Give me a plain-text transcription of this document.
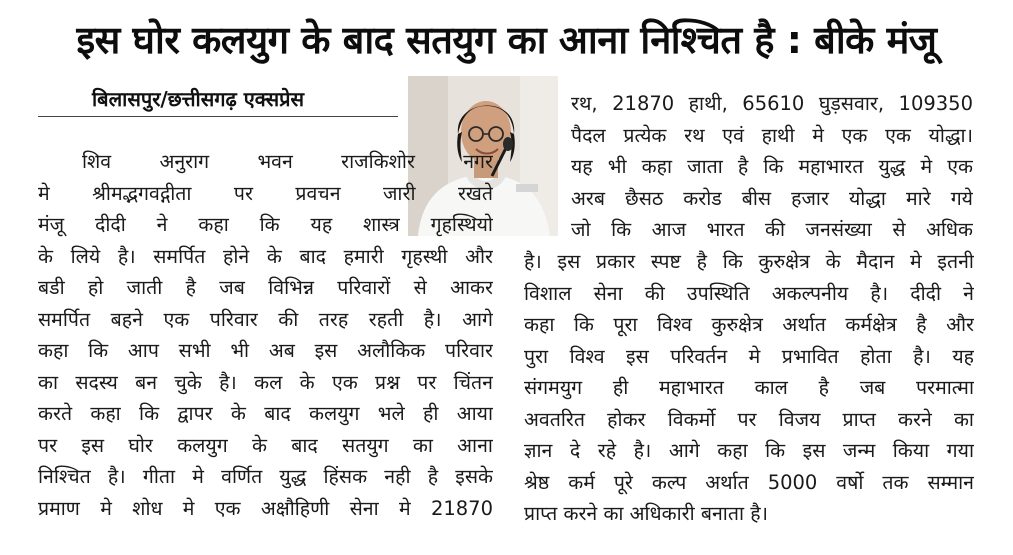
इस घोर कलयुग के बाद सतयुग का आना निश्चित है : बीके मंजू
बिलासपुर/छत्तीसगढ़ एक्सप्रेस
शिव अनुराग भवन राजकिशोर नगर
मे श्रीमद्भगवद्गीता पर प्रवचन जारी रखते
मंजू दीदी ने कहा कि यह शास्त्र गृहस्थियो
के लिये है। समर्पित होने के बाद हमारी गृहस्थी और
बडी हो जाती है जब विभिन्न परिवारों से आकर
समर्पित बहने एक परिवार की तरह रहती है। आगे
कहा कि आप सभी भी अब इस अलौकिक परिवार
का सदस्य बन चुके है। कल के एक प्रश्न पर चिंतन
करते कहा कि द्वापर के बाद कलयुग भले ही आया
पर इस घोर कलयुग के बाद सतयुग का आना
निश्चित है। गीता मे वर्णित युद्ध हिंसक नही है इसके
प्रमाण मे शोध मे एक अक्षौहिणी सेना मे 21870
रथ, 21870 हाथी, 65610 घुड़सवार, 109350
पैदल प्रत्येक रथ एवं हाथी मे एक एक योद्धा।
यह भी कहा जाता है कि महाभारत युद्ध मे एक
अरब छैसठ करोड बीस हजार योद्धा मारे गये
जो कि आज भारत की जनसंख्या से अधिक
है। इस प्रकार स्पष्ट है कि कुरुक्षेत्र के मैदान मे इतनी
विशाल सेना की उपस्थिति अकल्पनीय है। दीदी ने
कहा कि पूरा विश्व कुरुक्षेत्र अर्थात कर्मक्षेत्र है और
पुरा विश्व इस परिवर्तन मे प्रभावित होता है। यह
संगमयुग ही महाभारत काल है जब परमात्मा
अवतरित होकर विकर्मो पर विजय प्राप्त करने का
ज्ञान दे रहे है। आगे कहा कि इस जन्म किया गया
श्रेष्ठ कर्म पूरे कल्प अर्थात 5000 वर्षो तक सम्मान
प्राप्त करने का अधिकारी बनाता है।
